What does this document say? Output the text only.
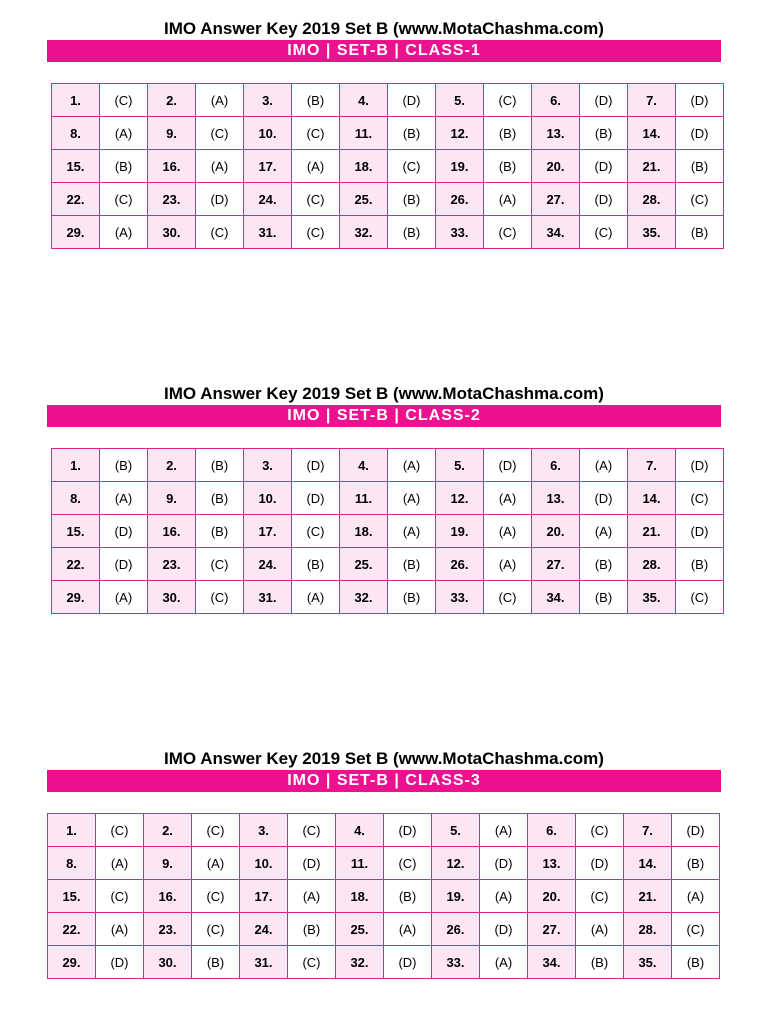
IMO Answer Key 2019 Set B (www.MotaChashma.com)
IMO | SET-B | CLASS-1
1.	(C)	2.	(A)	3.	(B)	4.	(D)	5.	(C)	6.	(D)	7.	(D)
8.	(A)	9.	(C)	10.	(C)	11.	(B)	12.	(B)	13.	(B)	14.	(D)
15.	(B)	16.	(A)	17.	(A)	18.	(C)	19.	(B)	20.	(D)	21.	(B)
22.	(C)	23.	(D)	24.	(C)	25.	(B)	26.	(A)	27.	(D)	28.	(C)
29.	(A)	30.	(C)	31.	(C)	32.	(B)	33.	(C)	34.	(C)	35.	(B)
IMO Answer Key 2019 Set B (www.MotaChashma.com)
IMO | SET-B | CLASS-2
1.	(B)	2.	(B)	3.	(D)	4.	(A)	5.	(D)	6.	(A)	7.	(D)
8.	(A)	9.	(B)	10.	(D)	11.	(A)	12.	(A)	13.	(D)	14.	(C)
15.	(D)	16.	(B)	17.	(C)	18.	(A)	19.	(A)	20.	(A)	21.	(D)
22.	(D)	23.	(C)	24.	(B)	25.	(B)	26.	(A)	27.	(B)	28.	(B)
29.	(A)	30.	(C)	31.	(A)	32.	(B)	33.	(C)	34.	(B)	35.	(C)
IMO Answer Key 2019 Set B (www.MotaChashma.com)
IMO | SET-B | CLASS-3
1.	(C)	2.	(C)	3.	(C)	4.	(D)	5.	(A)	6.	(C)	7.	(D)
8.	(A)	9.	(A)	10.	(D)	11.	(C)	12.	(D)	13.	(D)	14.	(B)
15.	(C)	16.	(C)	17.	(A)	18.	(B)	19.	(A)	20.	(C)	21.	(A)
22.	(A)	23.	(C)	24.	(B)	25.	(A)	26.	(D)	27.	(A)	28.	(C)
29.	(D)	30.	(B)	31.	(C)	32.	(D)	33.	(A)	34.	(B)	35.	(B)
